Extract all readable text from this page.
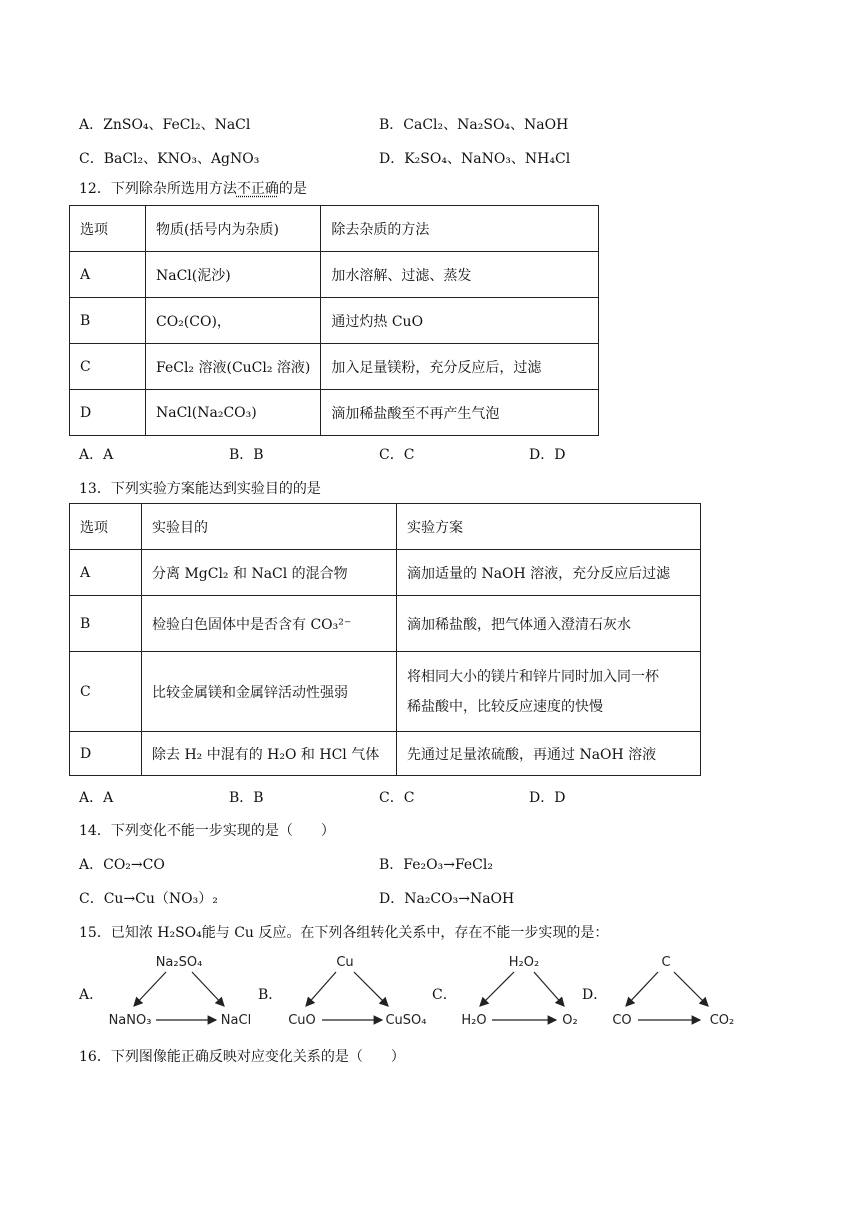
A．ZnSO₄、FeCl₂、NaCl	B．CaCl₂、Na₂SO₄、NaOH
C．BaCl₂、KNO₃、AgNO₃	D．K₂SO₄、NaNO₃、NH₄Cl
12．下列除杂所选用方法不正确的是
选项	物质(括号内为杂质)	除去杂质的方法
A	NaCl(泥沙)	加水溶解、过滤、蒸发
B	CO₂(CO)，	通过灼热 CuO
C	FeCl₂ 溶液(CuCl₂ 溶液)	加入足量镁粉，充分反应后，过滤
D	NaCl(Na₂CO₃)	滴加稀盐酸至不再产生气泡
A．A	B．B	C．C	D．D
13．下列实验方案能达到实验目的的是
选项	实验目的	实验方案
A	分离 MgCl₂ 和 NaCl 的混合物	滴加适量的 NaOH 溶液，充分反应后过滤
B	检验白色固体中是否含有 CO₃²⁻	滴加稀盐酸，把气体通入澄清石灰水
C	比较金属镁和金属锌活动性强弱	将相同大小的镁片和锌片同时加入同一杯
稀盐酸中，比较反应速度的快慢

D	除去 H₂ 中混有的 H₂O 和 HCl 气体	先通过足量浓硫酸，再通过 NaOH 溶液
A．A	B．B	C．C	D．D
14．下列变化不能一步实现的是（　　）
A．CO₂→CO	B．Fe₂O₃→FeCl₂
C．Cu→Cu（NO₃）₂	D．Na₂CO₃→NaOH
15．已知浓 H₂SO₄能与 Cu 反应。在下列各组转化关系中，存在不能一步实现的是：
A．
Na₂SO₄
NaNO₃	NaCl
B．
Cu
CuO	CuSO₄
C．
H₂O₂
H₂O	O₂
D．
C
CO	CO₂
16．下列图像能正确反映对应变化关系的是（　　）
